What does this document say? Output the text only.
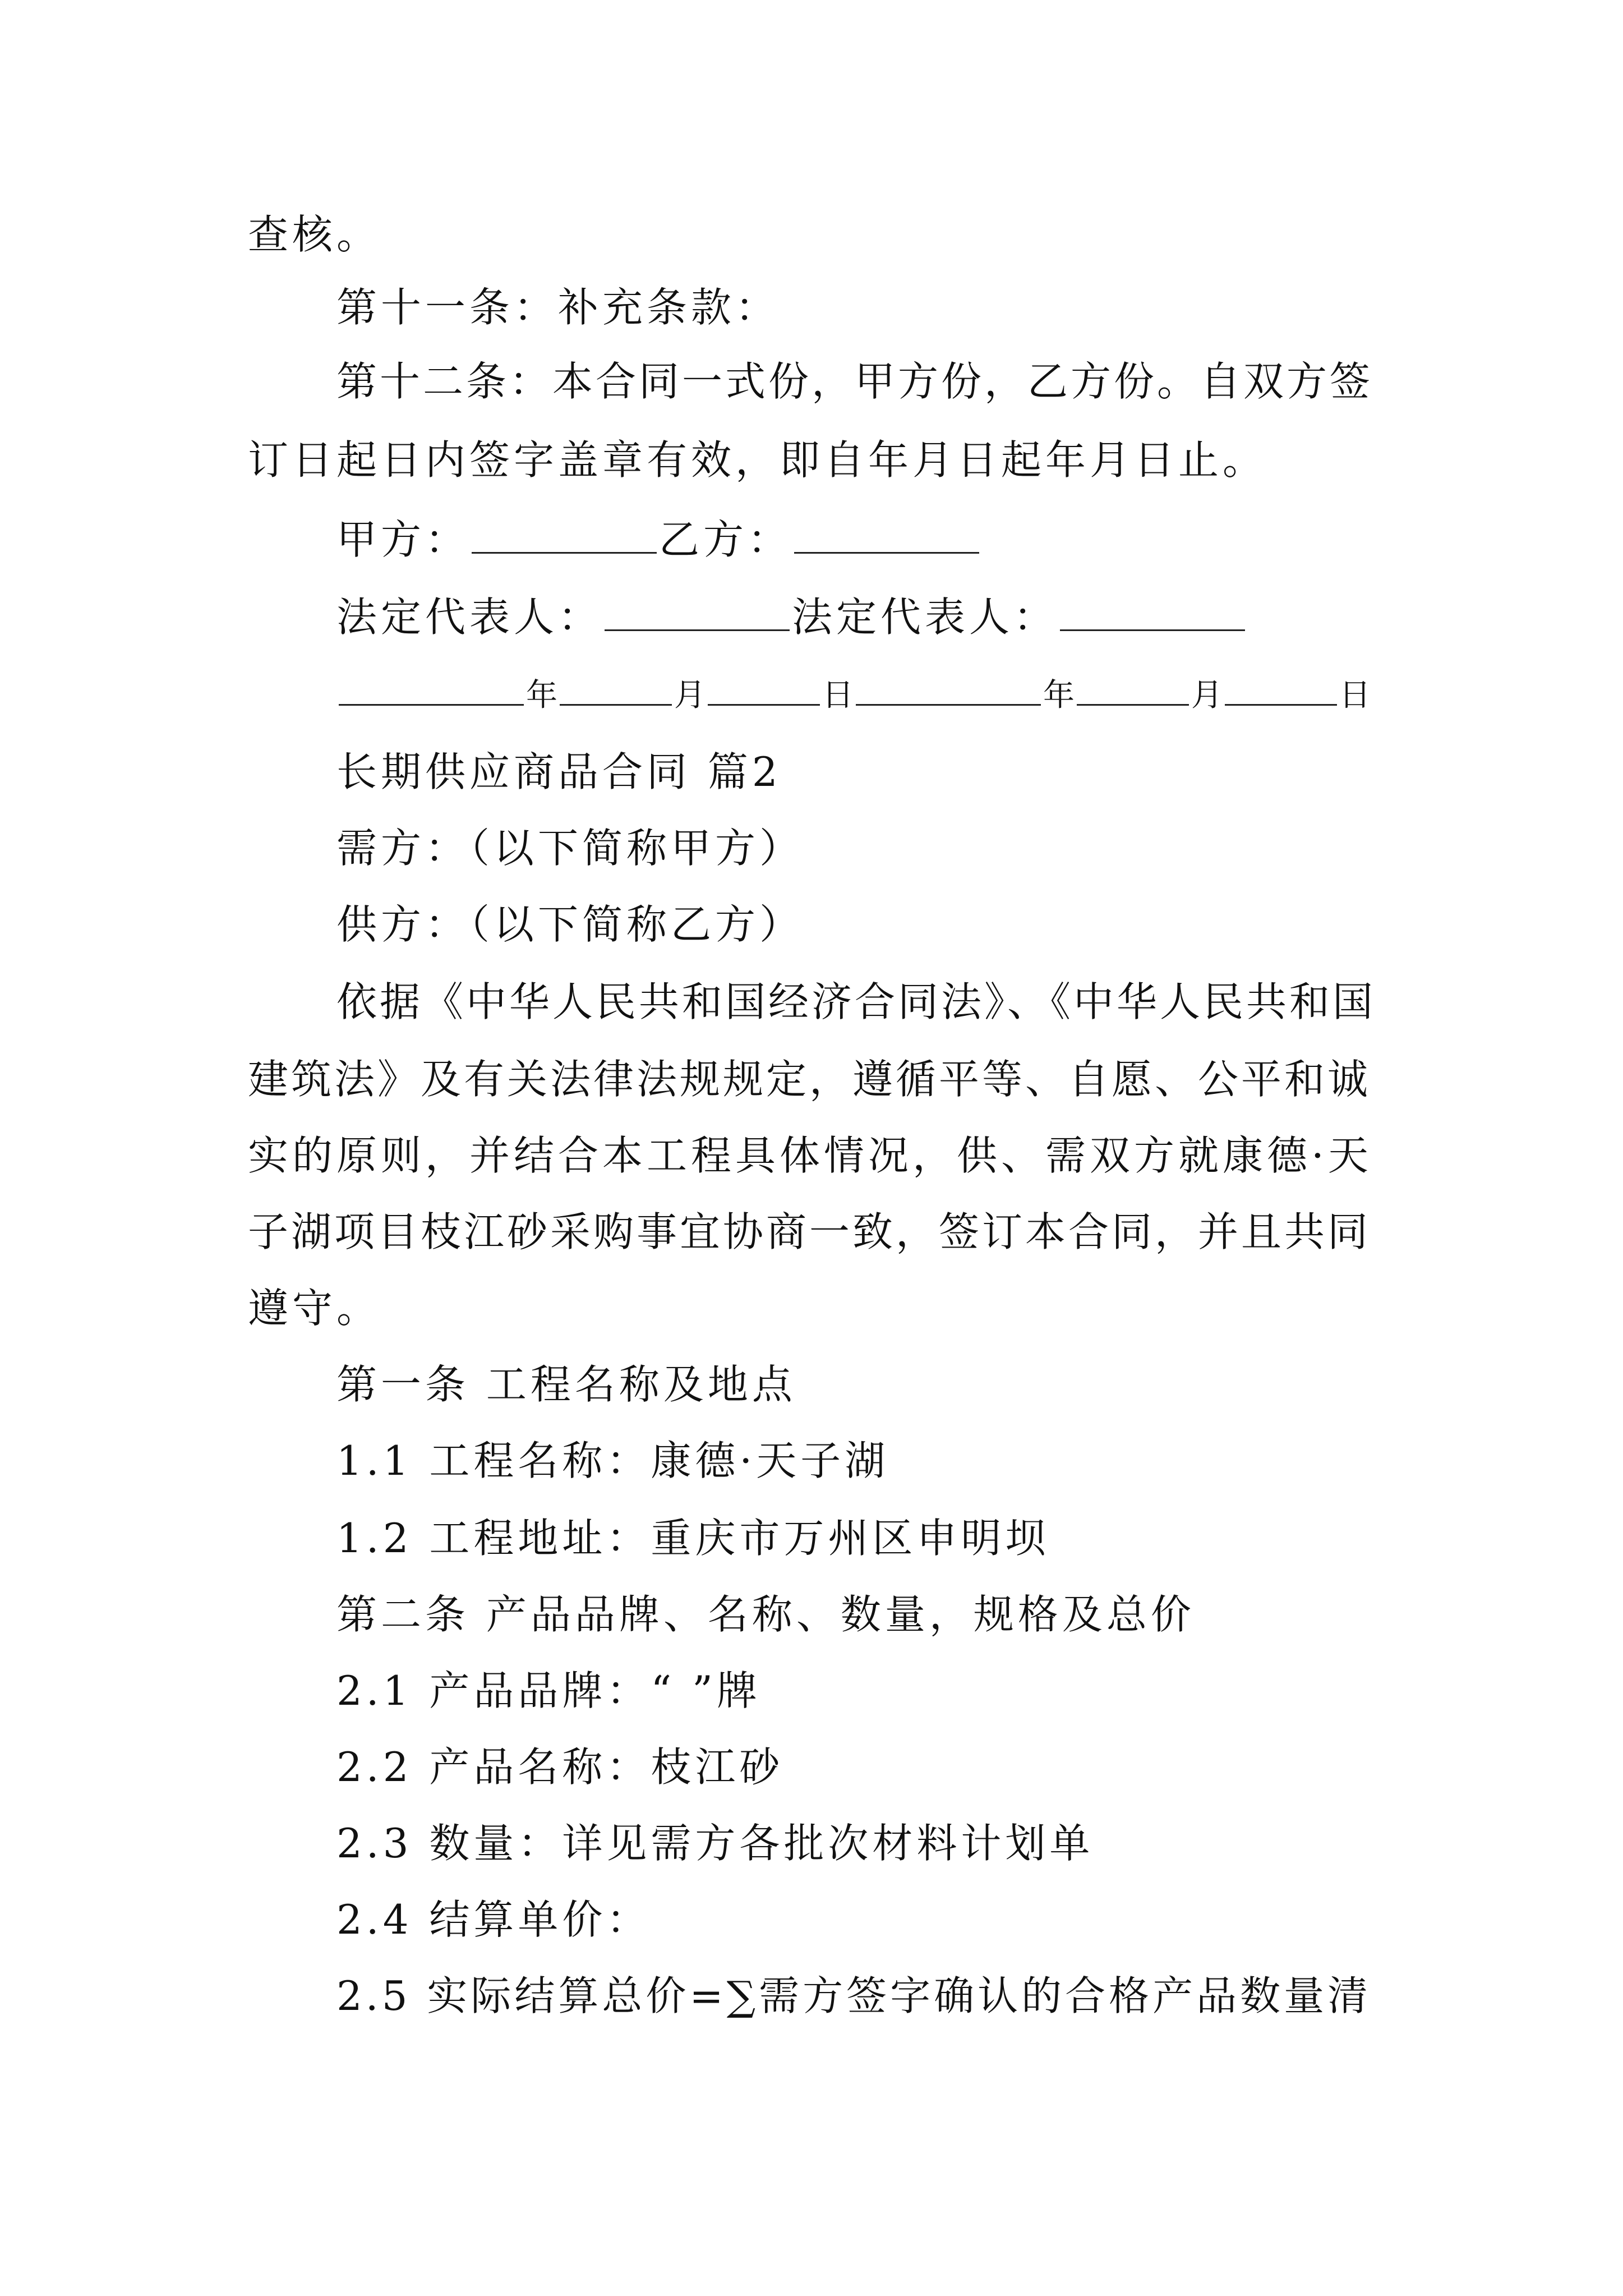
查核。
第十一条：补充条款：
第十二条：本合同一式份，甲方份，乙方份。自双方签
订日起日内签字盖章有效，即自年月日起年月日止。
甲方：	乙方：
法定代表人：	法定代表人：
年	月	日	年	月	日
长期供应商品合同 篇2
需方：（以下简称甲方）
供方：（以下简称乙方）
依据《中华人民共和国经济合同法》、《中华人民共和国
建筑法》及有关法律法规规定，遵循平等、自愿、公平和诚
实的原则，并结合本工程具体情况，供、需双方就康德·天
子湖项目枝江砂采购事宜协商一致，签订本合同，并且共同
遵守。
第一条 工程名称及地点
1.1 工程名称：康德·天子湖
1.2 工程地址：重庆市万州区申明坝
第二条 产品品牌、名称、数量，规格及总价
2.1 产品品牌：“ ”牌
2.2 产品名称：枝江砂
2.3 数量：详见需方各批次材料计划单
2.4 结算单价：
2.5 实际结算总价=∑需方签字确认的合格产品数量清
